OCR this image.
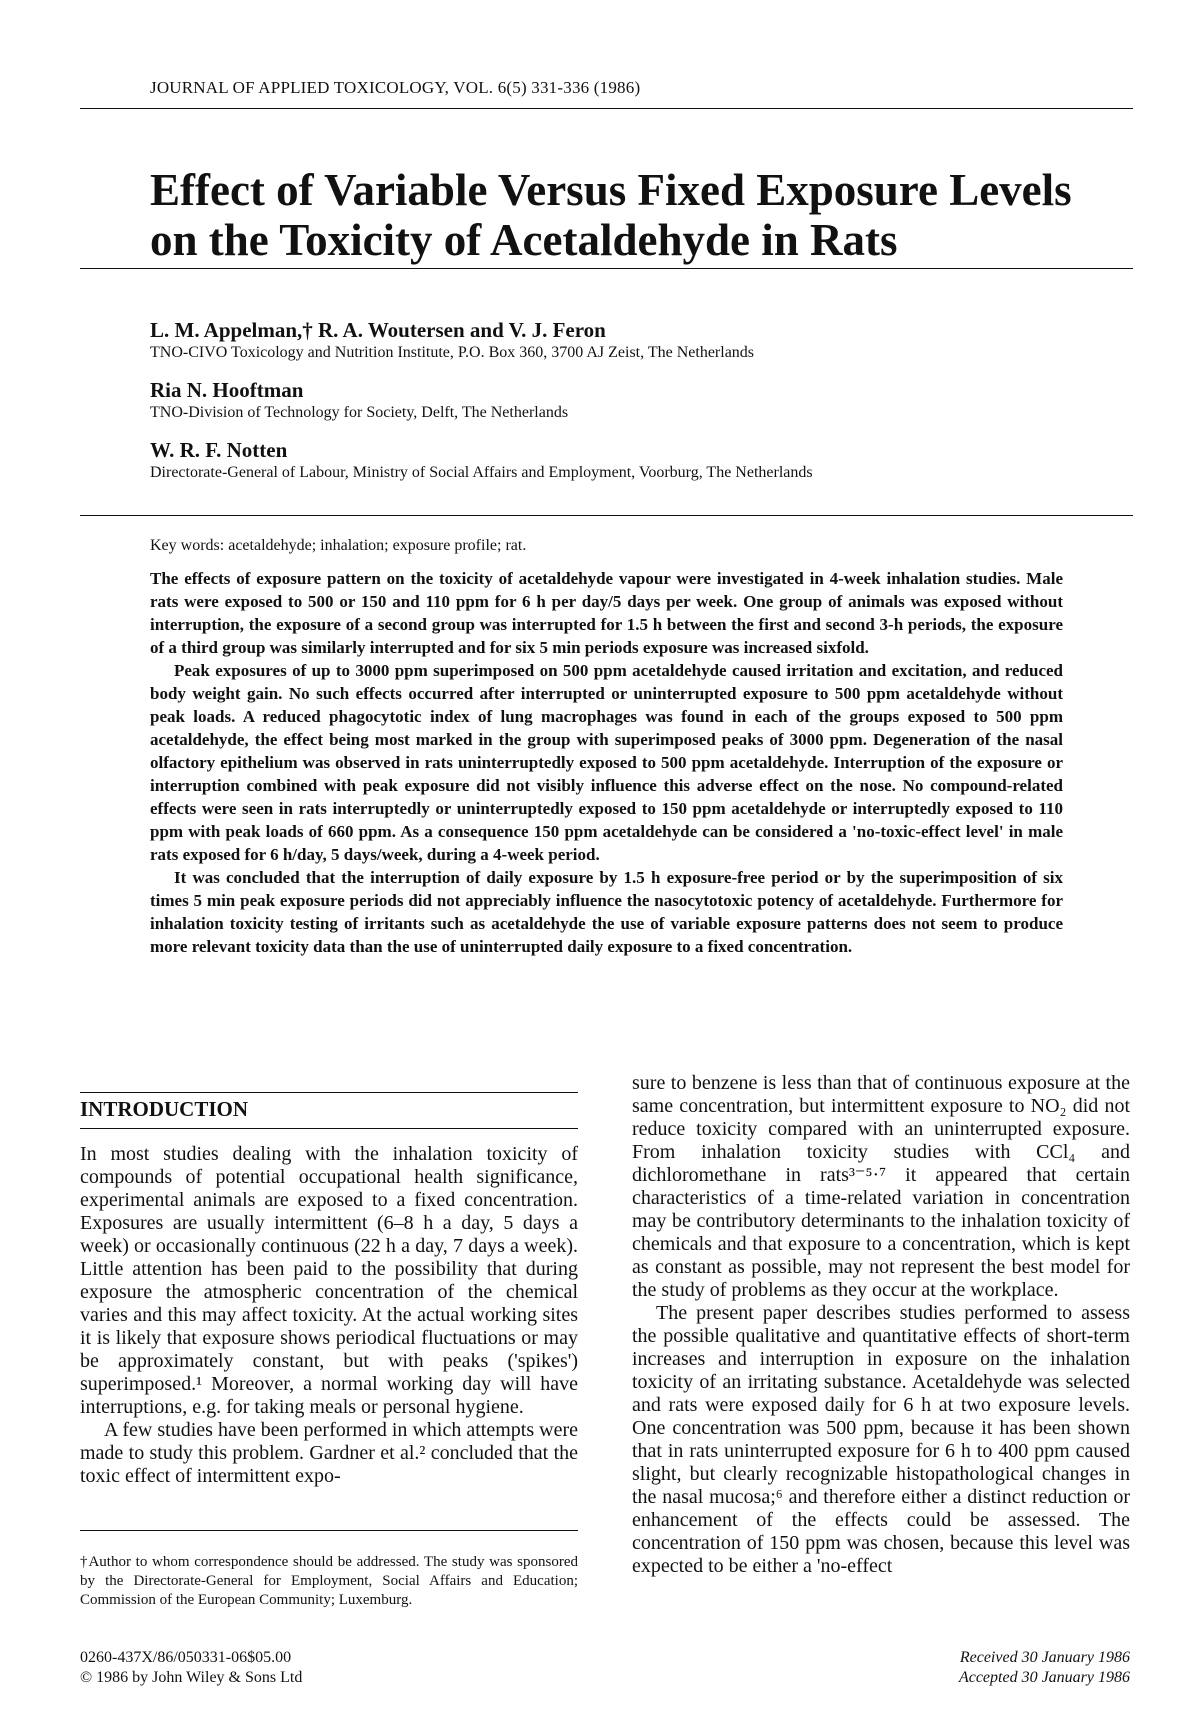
JOURNAL OF APPLIED TOXICOLOGY, VOL. 6(5) 331-336 (1986)
Effect of Variable Versus Fixed Exposure Levels
on the Toxicity of Acetaldehyde in Rats
L. M. Appelman,† R. A. Woutersen and V. J. Feron
TNO-CIVO Toxicology and Nutrition Institute, P.O. Box 360, 3700 AJ Zeist, The Netherlands
Ria N. Hooftman
TNO-Division of Technology for Society, Delft, The Netherlands
W. R. F. Notten
Directorate-General of Labour, Ministry of Social Affairs and Employment, Voorburg, The Netherlands
Key words: acetaldehyde; inhalation; exposure profile; rat.

The effects of exposure pattern on the toxicity of acetaldehyde vapour were investigated in 4-week inhalation studies. Male rats were exposed to 500 or 150 and 110 ppm for 6 h per day/5 days per week. One group of animals was exposed without interruption, the exposure of a second group was interrupted for 1.5 h between the first and second 3-h periods, the exposure of a third group was similarly interrupted and for six 5 min periods exposure was increased sixfold.

Peak exposures of up to 3000 ppm superimposed on 500 ppm acetaldehyde caused irritation and excitation, and reduced body weight gain. No such effects occurred after interrupted or uninterrupted exposure to 500 ppm acetaldehyde without peak loads. A reduced phagocytotic index of lung macrophages was found in each of the groups exposed to 500 ppm acetaldehyde, the effect being most marked in the group with superimposed peaks of 3000 ppm. Degeneration of the nasal olfactory epithelium was observed in rats uninterruptedly exposed to 500 ppm acetaldehyde. Interruption of the exposure or interruption combined with peak exposure did not visibly influence this adverse effect on the nose. No compound-related effects were seen in rats interruptedly or uninterruptedly exposed to 150 ppm acetaldehyde or interruptedly exposed to 110 ppm with peak loads of 660 ppm. As a consequence 150 ppm acetaldehyde can be considered a 'no-toxic-effect level' in male rats exposed for 6 h/day, 5 days/week, during a 4-week period.

It was concluded that the interruption of daily exposure by 1.5 h exposure-free period or by the superimposition of six times 5 min peak exposure periods did not appreciably influence the nasocytotoxic potency of acetaldehyde. Furthermore for inhalation toxicity testing of irritants such as acetaldehyde the use of variable exposure patterns does not seem to produce more relevant toxicity data than the use of uninterrupted daily exposure to a fixed concentration.

INTRODUCTION

In most studies dealing with the inhalation toxicity of compounds of potential occupational health significance, experimental animals are exposed to a fixed concentration. Exposures are usually intermittent (6–8 h a day, 5 days a week) or occasionally continuous (22 h a day, 7 days a week). Little attention has been paid to the possibility that during exposure the atmospheric concentration of the chemical varies and this may affect toxicity. At the actual working sites it is likely that exposure shows periodical fluctuations or may be approximately constant, but with peaks ('spikes') superimposed.¹ Moreover, a normal working day will have interruptions, e.g. for taking meals or personal hygiene.

A few studies have been performed in which attempts were made to study this problem. Gardner et al.² concluded that the toxic effect of intermittent expo-

sure to benzene is less than that of continuous exposure at the same concentration, but intermittent exposure to NO₂ did not reduce toxicity compared with an uninterrupted exposure. From inhalation toxicity studies with CCl₄ and dichloromethane in rats³⁻⁵·⁷ it appeared that certain characteristics of a time-related variation in concentration may be contributory determinants to the inhalation toxicity of chemicals and that exposure to a concentration, which is kept as constant as possible, may not represent the best model for the study of problems as they occur at the workplace.

The present paper describes studies performed to assess the possible qualitative and quantitative effects of short-term increases and interruption in exposure on the inhalation toxicity of an irritating substance. Acetaldehyde was selected and rats were exposed daily for 6 h at two exposure levels. One concentration was 500 ppm, because it has been shown that in rats uninterrupted exposure for 6 h to 400 ppm caused slight, but clearly recognizable histopathological changes in the nasal mucosa;⁶ and therefore either a distinct reduction or enhancement of the effects could be assessed. The concentration of 150 ppm was chosen, because this level was expected to be either a 'no-effect

†Author to whom correspondence should be addressed. The study was sponsored by the Directorate-General for Employment, Social Affairs and Education; Commission of the European Community; Luxemburg.
0260-437X/86/050331-06$05.00
© 1986 by John Wiley & Sons Ltd
Received 30 January 1986
Accepted 30 January 1986
